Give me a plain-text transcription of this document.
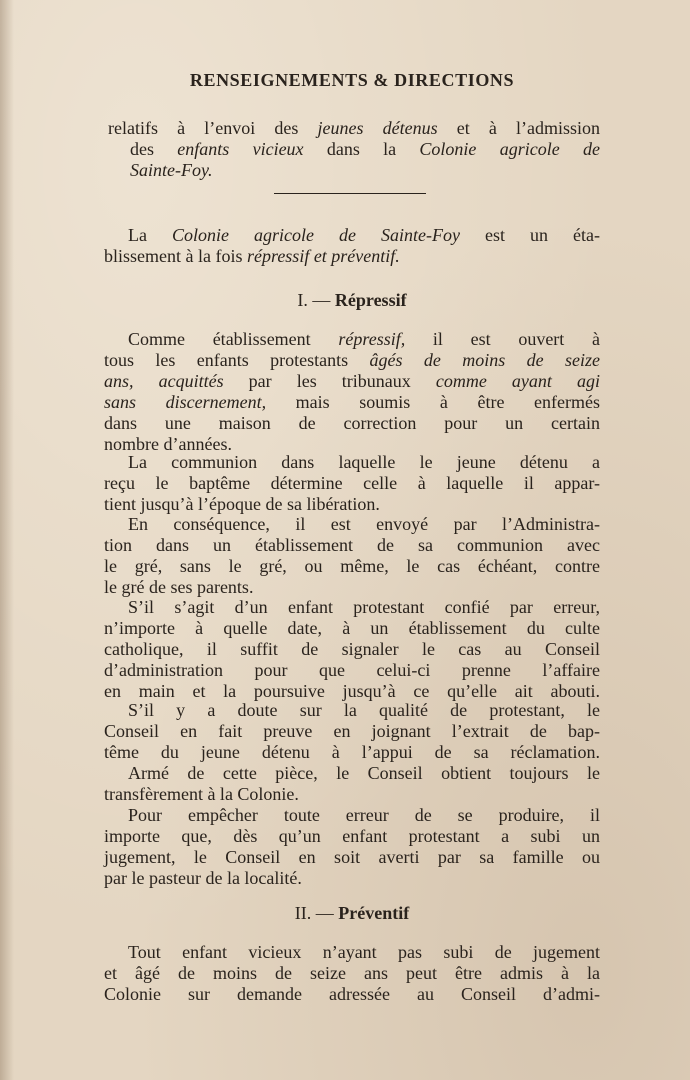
RENSEIGNEMENTS & DIRECTIONS
relatifs à l’envoi des jeunes détenus et à l’admission
des enfants vicieux dans la Colonie agricole de
Sainte-Foy.
La Colonie agricole de Sainte-Foy est un éta-
blissement à la fois répressif et préventif.
I. — Répressif
Comme établissement répressif, il est ouvert à
tous les enfants protestants âgés de moins de seize
ans, acquittés par les tribunaux comme ayant agi
sans discernement, mais soumis à être enfermés
dans une maison de correction pour un certain
nombre d’années.
La communion dans laquelle le jeune détenu a
reçu le baptême détermine celle à laquelle il appar-
tient jusqu’à l’époque de sa libération.
En conséquence, il est envoyé par l’Administra-
tion dans un établissement de sa communion avec
le gré, sans le gré, ou même, le cas échéant, contre
le gré de ses parents.
S’il s’agit d’un enfant protestant confié par erreur,
n’importe à quelle date, à un établissement du culte
catholique, il suffit de signaler le cas au Conseil
d’administration pour que celui-ci prenne l’affaire
en main et la poursuive jusqu’à ce qu’elle ait abouti.
S’il y a doute sur la qualité de protestant, le
Conseil en fait preuve en joignant l’extrait de bap-
tême du jeune détenu à l’appui de sa réclamation.
Armé de cette pièce, le Conseil obtient toujours le
transfèrement à la Colonie.
Pour empêcher toute erreur de se produire, il
importe que, dès qu’un enfant protestant a subi un
jugement, le Conseil en soit averti par sa famille ou
par le pasteur de la localité.
II. — Préventif
Tout enfant vicieux n’ayant pas subi de jugement
et âgé de moins de seize ans peut être admis à la
Colonie sur demande adressée au Conseil d’admi-
